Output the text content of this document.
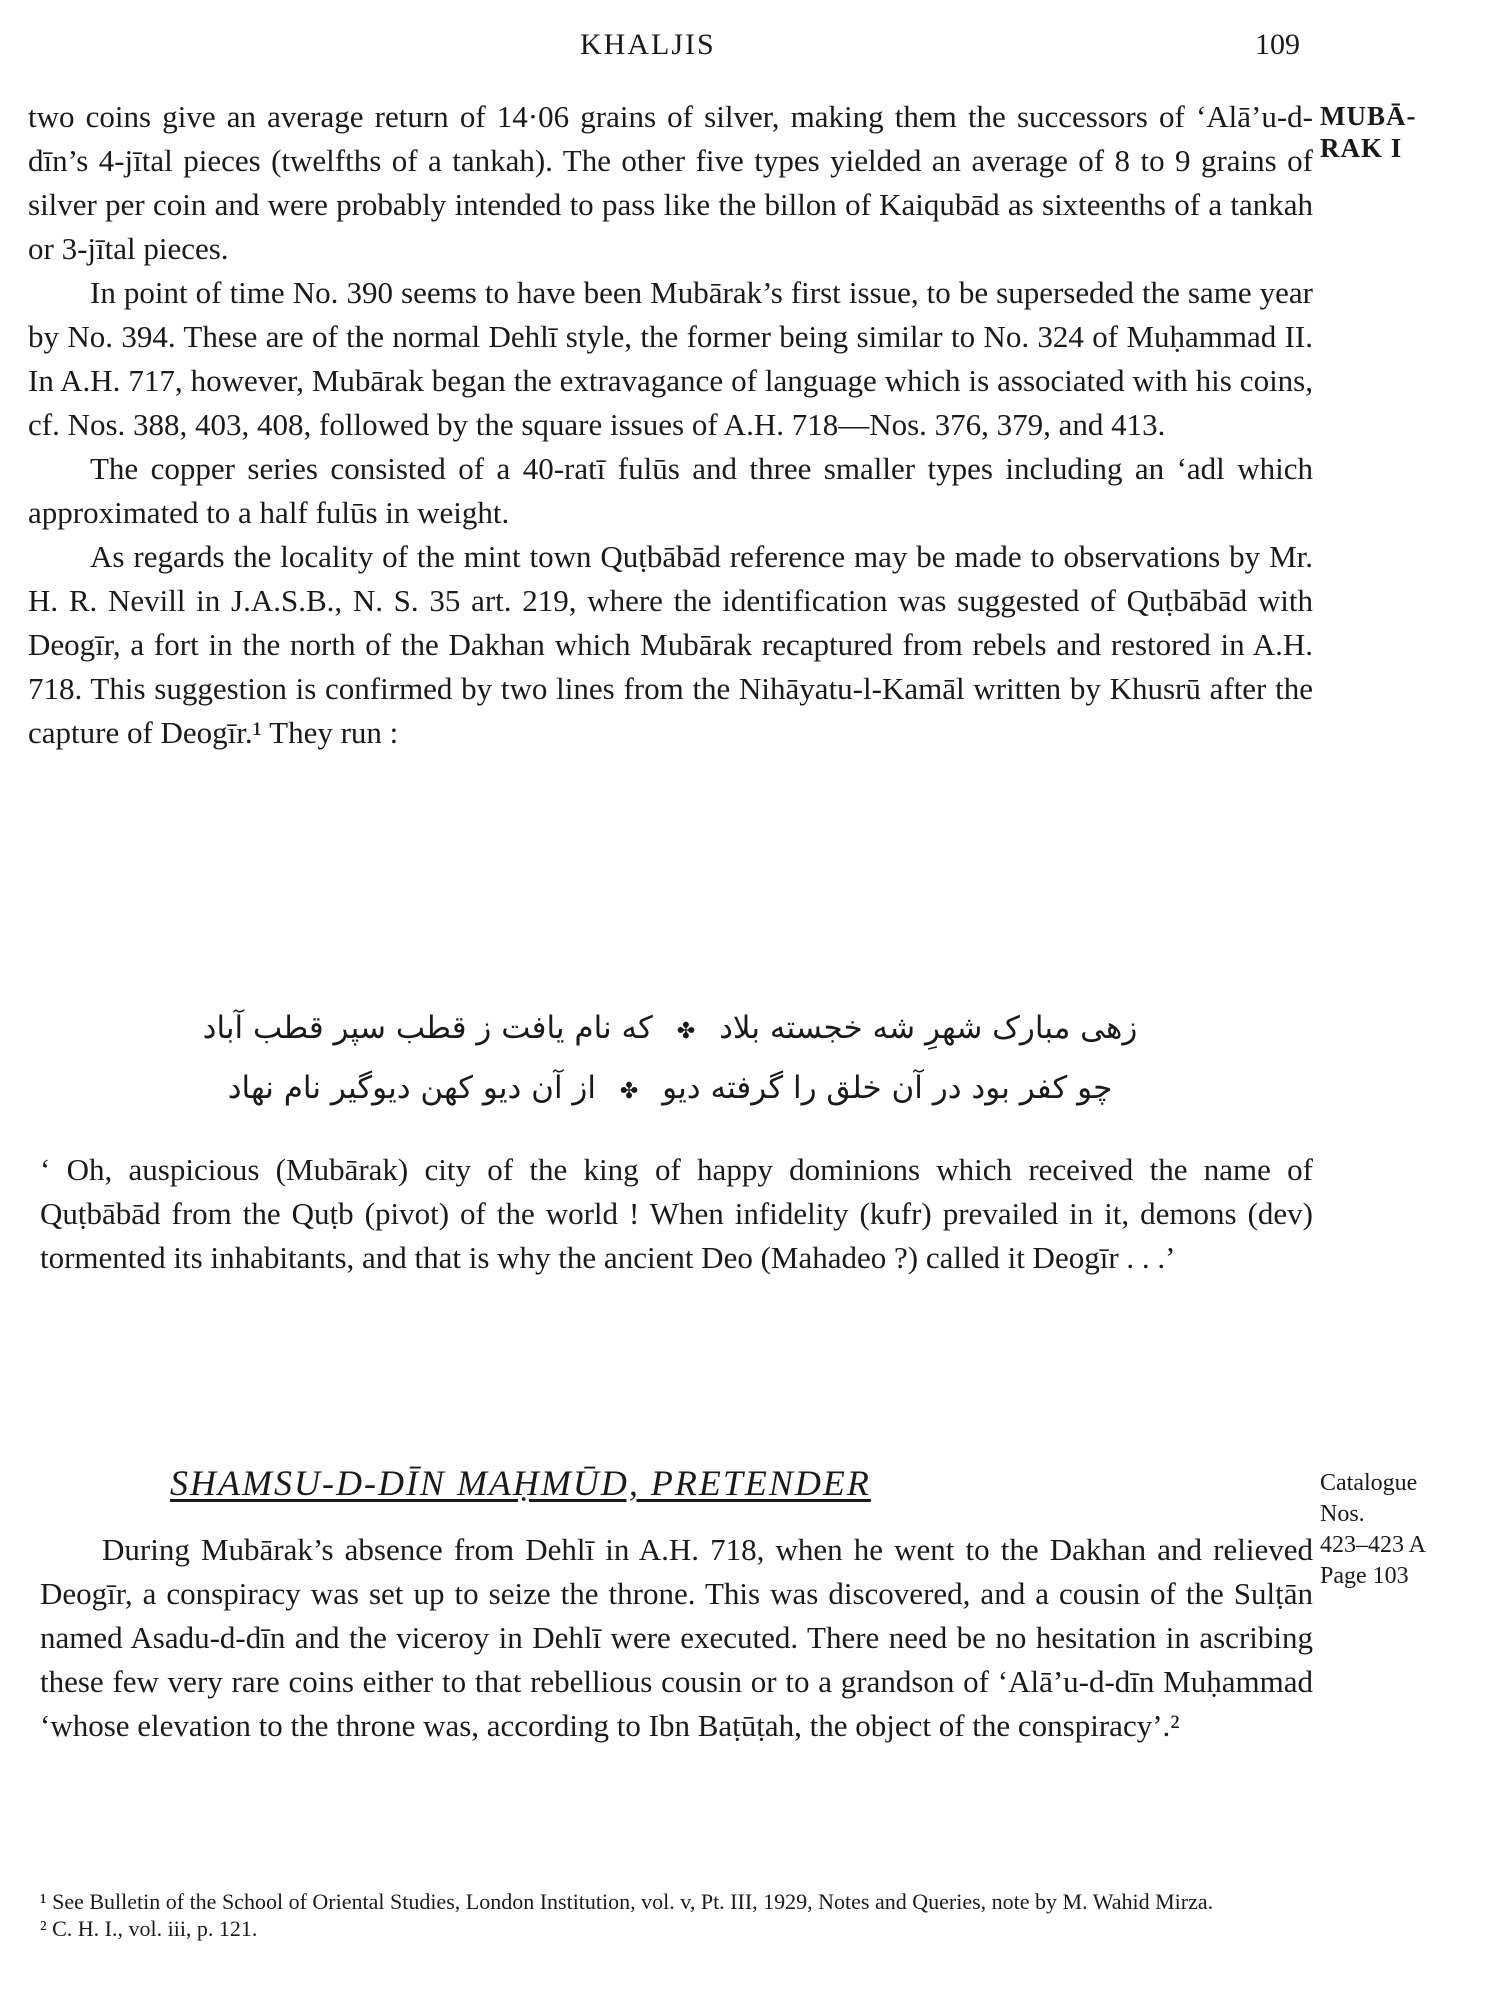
KHALJIS	109
MUBĀ-
RAK I

two coins give an average return of 14·06 grains of silver, making them the successors of ‘Alā’u-d-dīn’s 4-jītal pieces (twelfths of a tankah). The other five types yielded an average of 8 to 9 grains of silver per coin and were probably intended to pass like the billon of Kaiqubād as sixteenths of a tankah or 3-jītal pieces.

In point of time No. 390 seems to have been Mubārak’s first issue, to be superseded the same year by No. 394. These are of the normal Dehlī style, the former being similar to No. 324 of Muḥammad II. In A.H. 717, however, Mubārak began the extravagance of language which is associated with his coins, cf. Nos. 388, 403, 408, followed by the square issues of A.H. 718—Nos. 376, 379, and 413.

The copper series consisted of a 40-ratī fulūs and three smaller types including an ‘adl which approximated to a half fulūs in weight.

As regards the locality of the mint town Quṭbābād reference may be made to observations by Mr. H. R. Nevill in J.A.S.B., N. S. 35 art. 219, where the identification was suggested of Quṭbābād with Deogīr, a fort in the north of the Dakhan which Mubārak recaptured from rebels and restored in A.H. 718. This suggestion is confirmed by two lines from the Nihāyatu-l-Kamāl written by Khusrū after the capture of Deogīr.¹ They run :

زهی مبارک شهرِ شه خجسته بلاد ✤ که نام یافت ز قطب سپر قطب آباد
چو کفر بود در آن خلق را گرفته دیو ✤ از آن دیو کهن دیوگیر نام نهاد
‘ Oh, auspicious (Mubārak) city of the king of happy dominions which received the name of Quṭbābād from the Quṭb (pivot) of the world ! When infidelity (kufr) prevailed in it, demons (dev) tormented its inhabitants, and that is why the ancient Deo (Mahadeo ?) called it Deogīr . . .’
SHAMSU-D-DĪN MAḤMŪD, PRETENDER	Catalogue
Nos.
423–423 A
Page 103

During Mubārak’s absence from Dehlī in A.H. 718, when he went to the Dakhan and relieved Deogīr, a conspiracy was set up to seize the throne. This was discovered, and a cousin of the Sulṭān named Asadu-d-dīn and the viceroy in Dehlī were executed. There need be no hesitation in ascribing these few very rare coins either to that rebellious cousin or to a grandson of ‘Alā’u-d-dīn Muḥammad ‘whose elevation to the throne was, according to Ibn Baṭūṭah, the object of the conspiracy’.²

¹ See Bulletin of the School of Oriental Studies, London Institution, vol. v, Pt. III, 1929, Notes and Queries, note by M. Wahid Mirza.

² C. H. I., vol. iii, p. 121.
